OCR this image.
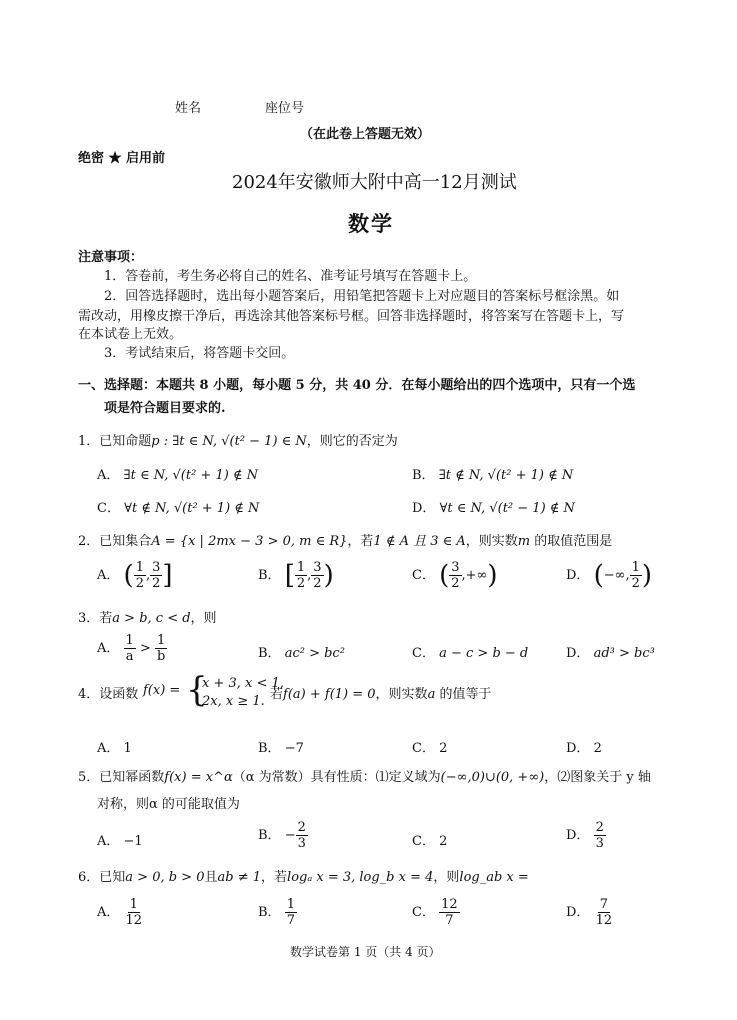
姓名	座位号
（在此卷上答题无效）
绝密 ★ 启用前
2024年安徽师大附中高一12月测试
数学
注意事项：
1．答卷前，考生务必将自己的姓名、准考证号填写在答题卡上。
2．回答选择题时，选出每小题答案后，用铅笔把答题卡上对应题目的答案标号框涂黑。如
需改动，用橡皮擦干净后，再选涂其他答案标号框。回答非选择题时，将答案写在答题卡上，写
在本试卷上无效。
3．考试结束后，将答题卡交回。
一、选择题：本题共 8 小题，每小题 5 分，共 40 分．在每小题给出的四个选项中，只有一个选
项是符合题目要求的.
1．已知命题p : ∃t ∈ N, √(t² − 1) ∈ N，则它的否定为
A． ∃t ∈ N, √(t² + 1) ∉ N	B． ∃t ∉ N, √(t² + 1) ∉ N
C． ∀t ∉ N, √(t² + 1) ∉ N	D． ∀t ∈ N, √(t² − 1) ∉ N
2．已知集合A = {x | 2mx − 3 > 0, m ∈ R}，若1 ∉ A 且 3 ∈ A，则实数m 的取值范围是
A． ( $\frac{1}{2}$ , $\frac{3}{2}$ ]	B． [ $\frac{1}{2}$ , $\frac{3}{2}$ )	C． ( $\frac{3}{2}$ ,+∞)	D． (−∞, $\frac{1}{2}$ )
3．若a > b, c < d，则
A． $\frac{1}{a} > \frac{1}{b}$	B． ac² > bc²	C． a − c > b − d	D． ad³ > bc³
4．设函数 f(x) = {
x + 3, x < 1,
2x, x ≥ 1. 若f(a) + f(1) = 0，则实数a 的值等于
A． 1	B． −7	C． 2	D． 2
5．已知幂函数f(x) = x^α（α 为常数）具有性质：⑴定义域为(−∞,0)∪(0, +∞)，⑵图象关于 y 轴
对称，则α 的可能取值为
A． −1	B． − $\frac{2}{3}$	C． 2	D． $\frac{2}{3}$
6．已知a > 0, b > 0且ab ≠ 1，若logₐ x = 3, log_b x = 4，则log_ab x =
A． $\frac{1}{12}$	B． $\frac{1}{7}$	C． $\frac{12}{7}$	D． $\frac{7}{12}$
数学试卷第 1 页（共 4 页）
